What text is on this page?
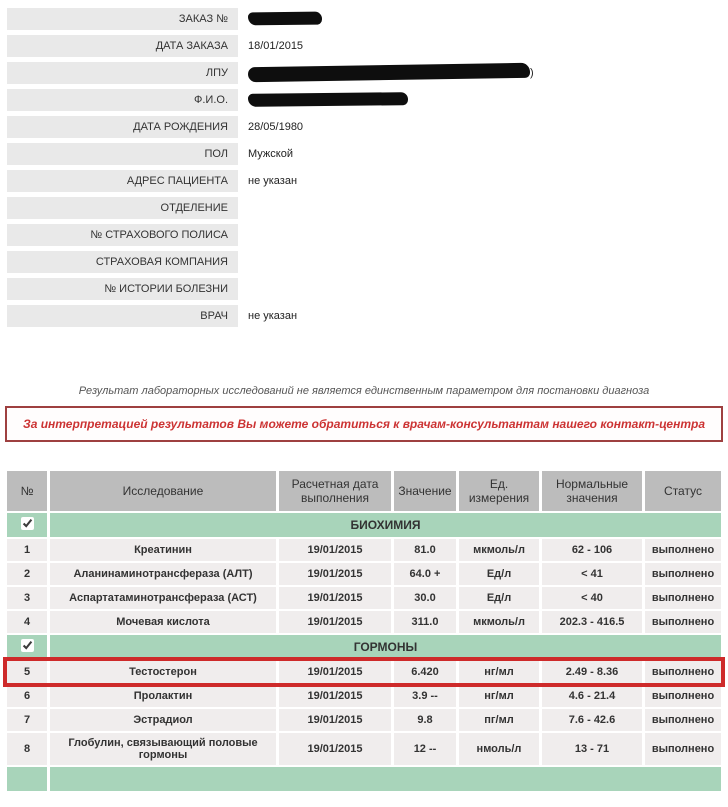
ЗАКАЗ №
ДАТА ЗАКАЗА	18/01/2015
ЛПУ	)
Ф.И.О.
ДАТА РОЖДЕНИЯ	28/05/1980
ПОЛ	Мужской
АДРЕС ПАЦИЕНТА	не указан
ОТДЕЛЕНИЕ
№ СТРАХОВОГО ПОЛИСА
СТРАХОВАЯ КОМПАНИЯ
№ ИСТОРИИ БОЛЕЗНИ
ВРАЧ	не указан
Результат лабораторных исследований не является единственным параметром для постановки диагноза
За интерпретацией результатов Вы можете обратиться к врачам-консультантам нашего контакт-центра
№	Исследование	Расчетная дата выполнения	Значение	Ед. измерения	Нормальные значения	Статус
	БИОХИМИЯ					
1	Креатинин	19/01/2015	81.0	мкмоль/л	62 - 106	выполнено
2	Аланинаминотрансфераза (АЛТ)	19/01/2015	64.0 +	Ед/л	< 41	выполнено
3	Аспартатаминотрансфераза (АСТ)	19/01/2015	30.0	Ед/л	< 40	выполнено
4	Мочевая кислота	19/01/2015	311.0	мкмоль/л	202.3 - 416.5	выполнено
	ГОРМОНЫ					
5	Тестостерон	19/01/2015	6.420	нг/мл	2.49 - 8.36	выполнено
6	Пролактин	19/01/2015	3.9 --	нг/мл	4.6 - 21.4	выполнено
7	Эстрадиол	19/01/2015	9.8	пг/мл	7.6 - 42.6	выполнено
8	Глобулин, связывающий половые гормоны	19/01/2015	12 --	нмоль/л	13 - 71	выполнено
